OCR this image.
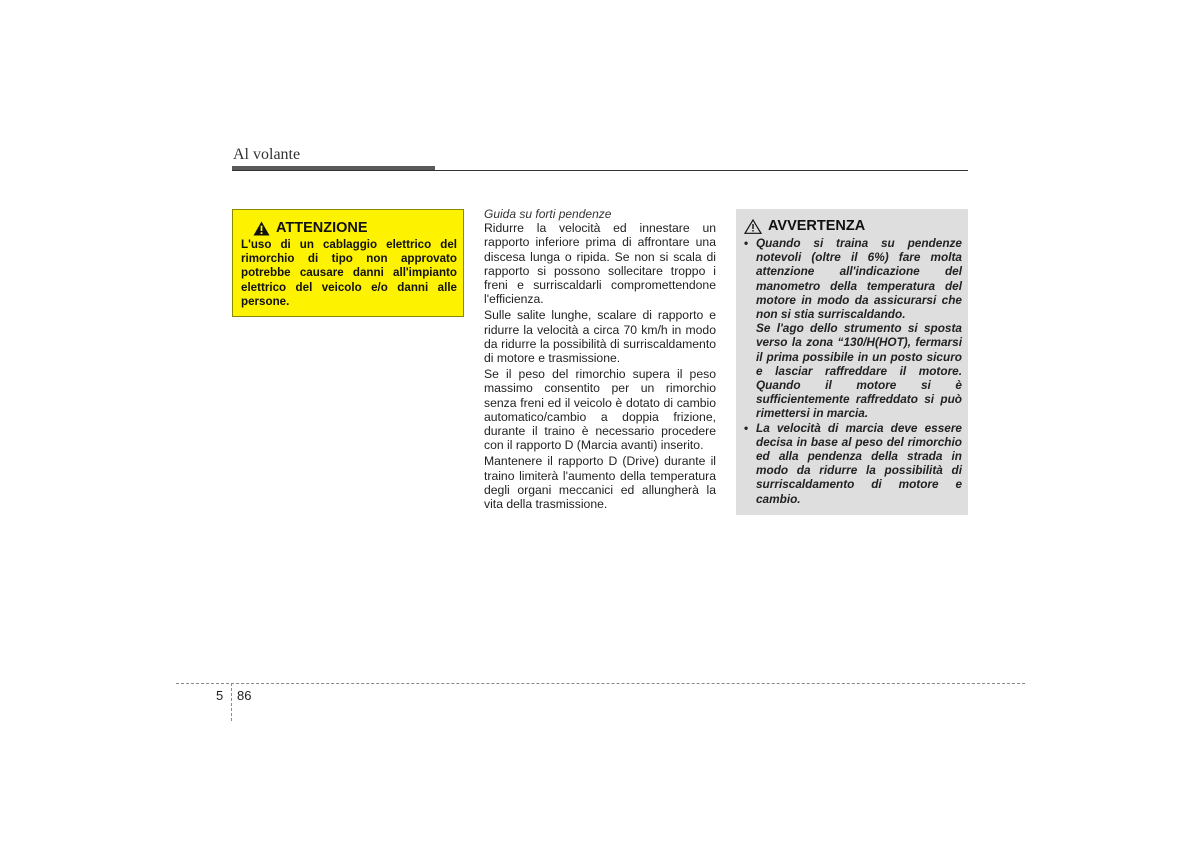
Al volante
ATTENZIONE
L'uso di un cablaggio elettrico del rimorchio di tipo non approvato potrebbe causare danni all'impianto elettrico del veicolo e/o danni alle persone.
Guida su forti pendenze

Ridurre la velocità ed innestare un rapporto inferiore prima di affrontare una discesa lunga o ripida. Se non si scala di rapporto si possono sollecitare troppo i freni e surriscaldarli compromettendone l'efficienza.

Sulle salite lunghe, scalare di rapporto e ridurre la velocità a circa 70 km/h in modo da ridurre la possibilità di surriscaldamento di motore e trasmissione.

Se il peso del rimorchio supera il peso massimo consentito per un rimorchio senza freni ed il veicolo è dotato di cambio automatico/cambio a doppia frizione, durante il traino è necessario procedere con il rapporto D (Marcia avanti) inserito.

Mantenere il rapporto D (Drive) durante il traino limiterà l'aumento della temperatura degli organi meccanici ed allungherà la vita della trasmissione.

AVVERTENZA
• Quando si traina su pendenze notevoli (oltre il 6%) fare molta attenzione all'indicazione del manometro della temperatura del motore in modo da assicurarsi che non si stia surriscaldando.
Se l'ago dello strumento si sposta verso la zona “130/H(HOT), fermarsi il prima possibile in un posto sicuro e lasciar raffreddare il motore. Quando il motore si è sufficientemente raffreddato si può rimettersi in marcia.
• La velocità di marcia deve essere decisa in base al peso del rimorchio ed alla pendenza della strada in modo da ridurre la possibilità di surriscaldamento di motore e cambio.
5 86
